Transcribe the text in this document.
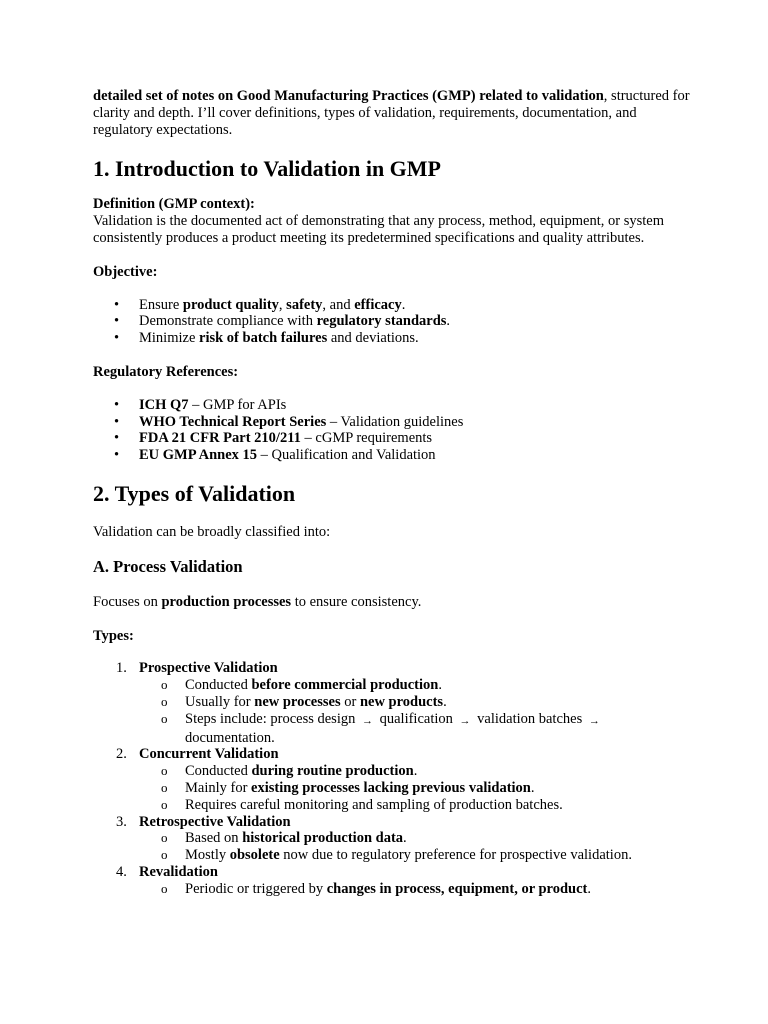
detailed set of notes on Good Manufacturing Practices (GMP) related to validation, structured for clarity and depth. I’ll cover definitions, types of validation, requirements, documentation, and regulatory expectations.

1. Introduction to Validation in GMP

Definition (GMP context):

Validation is the documented act of demonstrating that any process, method, equipment, or system consistently produces a product meeting its predetermined specifications and quality attributes.

Objective:

• Ensure product quality, safety, and efficacy.
• Demonstrate compliance with regulatory standards.
• Minimize risk of batch failures and deviations.

Regulatory References:

• ICH Q7 – GMP for APIs
• WHO Technical Report Series – Validation guidelines
• FDA 21 CFR Part 210/211 – cGMP requirements
• EU GMP Annex 15 – Qualification and Validation
2. Types of Validation

Validation can be broadly classified into:

A. Process Validation

Focuses on production processes to ensure consistency.

Types:

1. Prospective Validation
o Conducted before commercial production.
o Usually for new processes or new products.
o Steps include: process design → qualification → validation batches → documentation.
2. Concurrent Validation
o Conducted during routine production.
o Mainly for existing processes lacking previous validation.
o Requires careful monitoring and sampling of production batches.
3. Retrospective Validation
o Based on historical production data.
o Mostly obsolete now due to regulatory preference for prospective validation.
4. Revalidation
o Periodic or triggered by changes in process, equipment, or product.
